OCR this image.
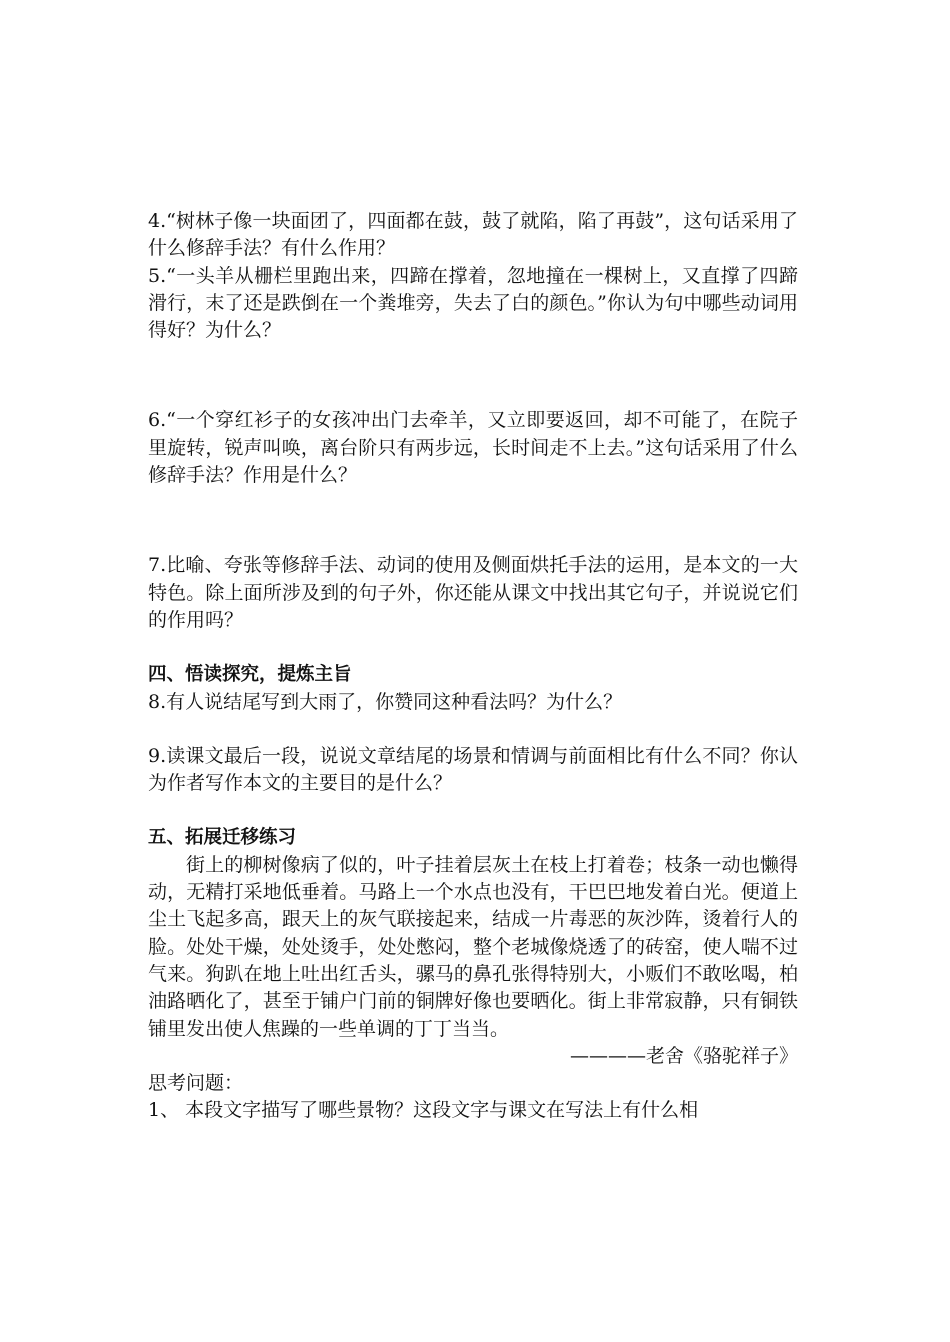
4.“树林子像一块面团了，四面都在鼓，鼓了就陷，陷了再鼓”，这句话采用了什么修辞手法？有什么作用？

5.“一头羊从栅栏里跑出来，四蹄在撑着，忽地撞在一棵树上，又直撑了四蹄滑行，末了还是跌倒在一个粪堆旁，失去了白的颜色。”你认为句中哪些动词用得好？为什么？

6.“一个穿红衫子的女孩冲出门去牵羊，又立即要返回，却不可能了，在院子里旋转，锐声叫唤，离台阶只有两步远，长时间走不上去。”这句话采用了什么修辞手法？作用是什么？

7.比喻、夸张等修辞手法、动词的使用及侧面烘托手法的运用，是本文的一大特色。除上面所涉及到的句子外，你还能从课文中找出其它句子，并说说它们的作用吗？

四、悟读探究，提炼主旨

8.有人说结尾写到大雨了，你赞同这种看法吗？为什么？

9.读课文最后一段，说说文章结尾的场景和情调与前面相比有什么不同？你认为作者写作本文的主要目的是什么？

五、拓展迁移练习

街上的柳树像病了似的，叶子挂着层灰土在枝上打着卷；枝条一动也懒得动，无精打采地低垂着。马路上一个水点也没有，干巴巴地发着白光。便道上尘土飞起多高，跟天上的灰气联接起来，结成一片毒恶的灰沙阵，烫着行人的脸。处处干燥，处处烫手，处处憋闷，整个老城像烧透了的砖窑，使人喘不过气来。狗趴在地上吐出红舌头，骡马的鼻孔张得特别大，小贩们不敢吆喝，柏油路晒化了，甚至于铺户门前的铜牌好像也要晒化。街上非常寂静，只有铜铁铺里发出使人焦躁的一些单调的丁丁当当。

————老舍《骆驼祥子》

思考问题：

1、 本段文字描写了哪些景物？这段文字与课文在写法上有什么相
